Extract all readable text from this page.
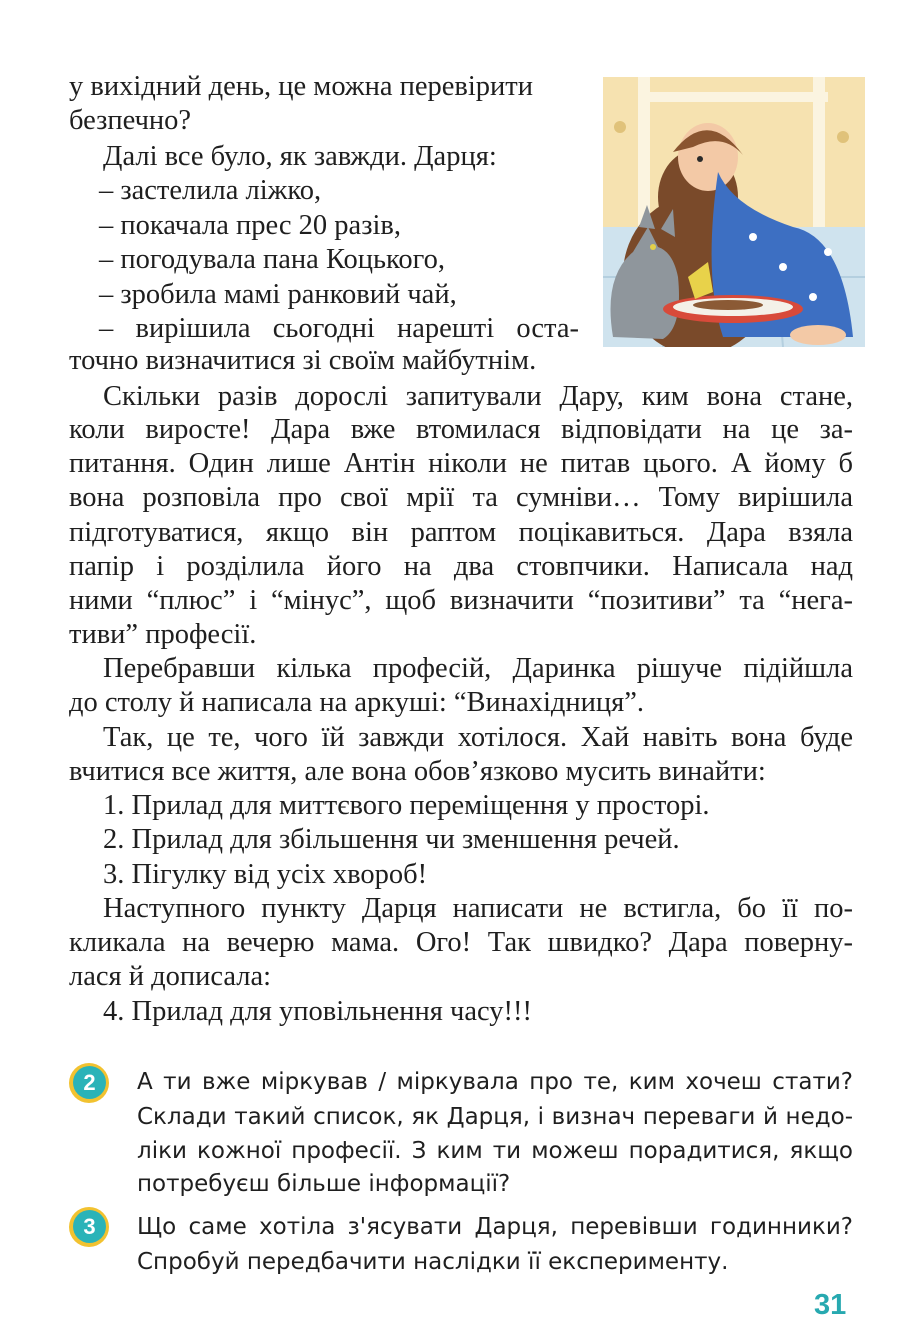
у вихідний день, це можна перевірити
безпечно?
Далі все було, як завжди. Дарця:
– застелила ліжко,
– покачала прес 20 разів,
– погодувала пана Коцького,
– зробила мамі ранковий чай,
– вирішила сьогодні нарешті оста-
точно визначитися зі своїм майбутнім.
Скільки разів дорослі запитували Дару, ким вона стане,
коли виросте! Дара вже втомилася відповідати на це за-
питання. Один лише Антін ніколи не питав цього. А йому б
вона розповіла про свої мрії та сумніви… Тому вирішила
підготуватися, якщо він раптом поцікавиться. Дара взяла
папір і розділила його на два стовпчики. Написала над
ними “плюс” і “мінус”, щоб визначити “позитиви” та “нега-
тиви” професії.
Перебравши кілька професій, Даринка рішуче підійшла
до столу й написала на аркуші: “Винахідниця”.
Так, це те, чого їй завжди хотілося. Хай навіть вона буде
вчитися все життя, але вона обов’язково мусить винайти:
1. Прилад для миттєвого переміщення у просторі.
2. Прилад для збільшення чи зменшення речей.
3. Пігулку від усіх хвороб!
Наступного пункту Дарця написати не встигла, бо її по-
кликала на вечерю мама. Ого! Так швидко? Дара поверну-
лася й дописала:
4. Прилад для уповільнення часу!!!
2	А ти вже міркував / міркувала про те, ким хочеш стати?
Склади такий список, як Дарця, і визнач переваги й недо-
ліки кожної професії. З ким ти можеш порадитися, якщо
потребуєш більше інформації?
3	Що саме хотіла з'ясувати Дарця, перевівши годинники?
Спробуй передбачити наслідки її експерименту.
31
